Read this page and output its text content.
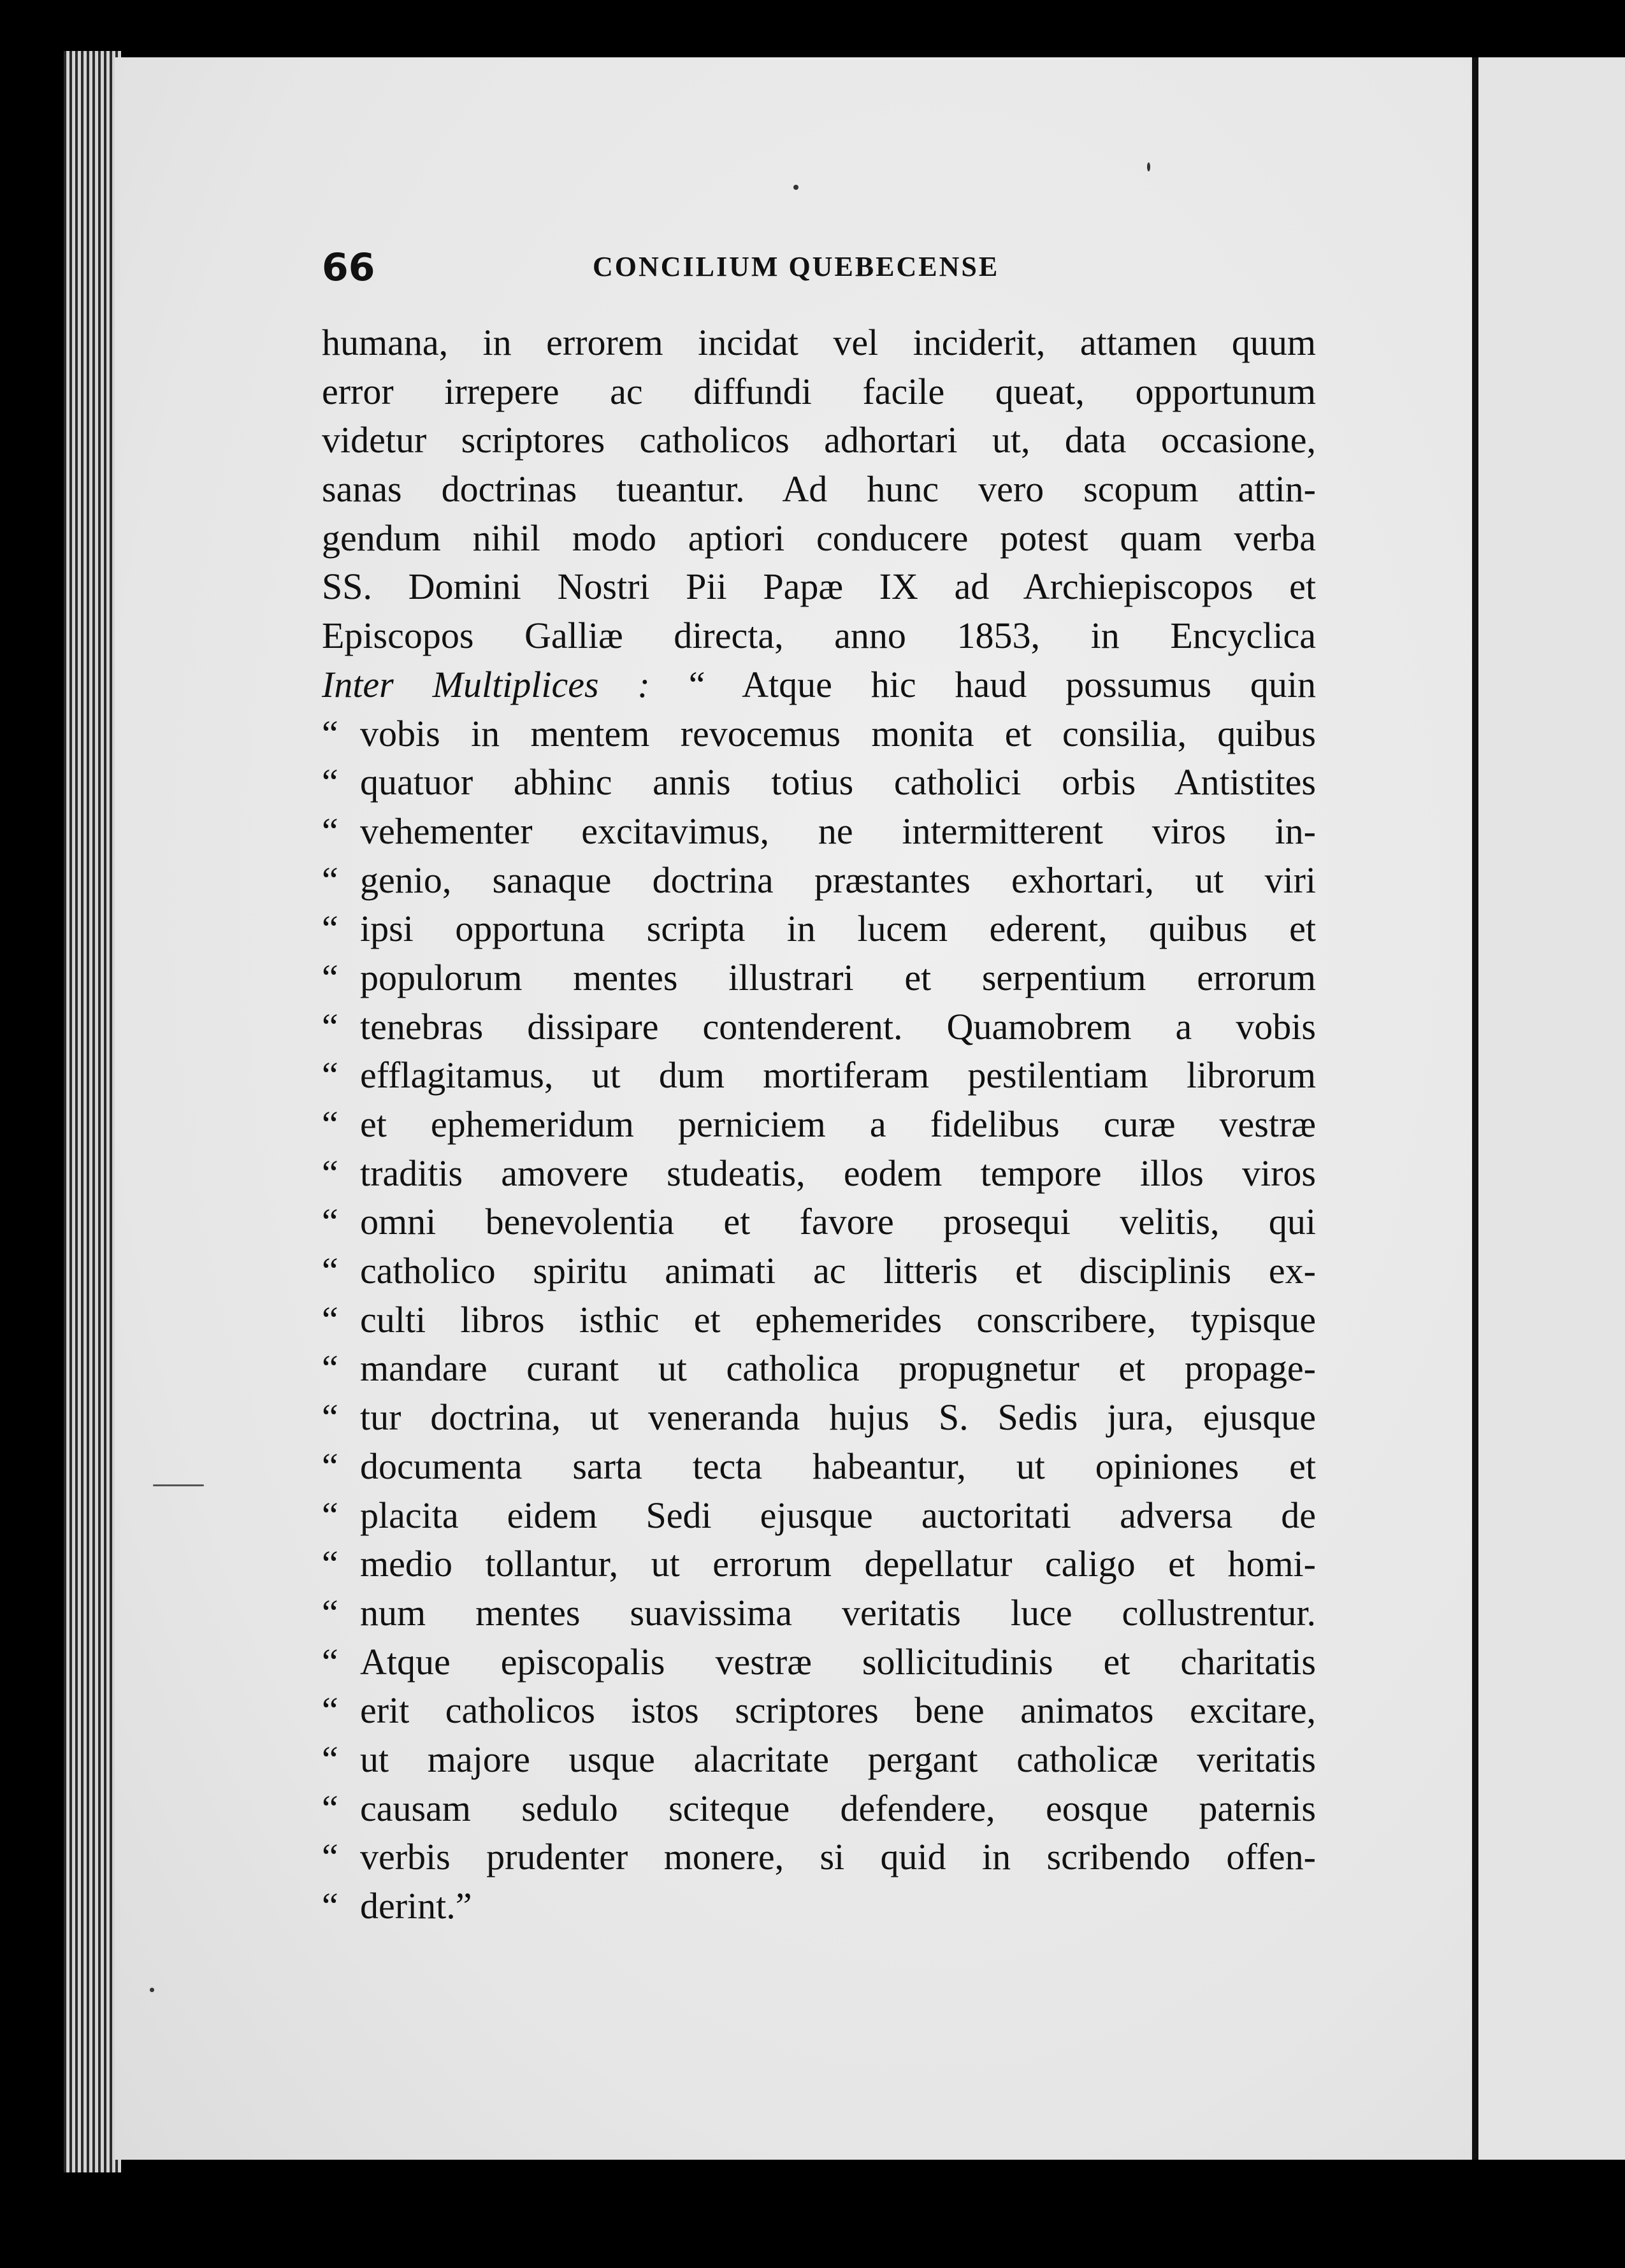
66	CONCILIUM QUEBECENSE
humana, in errorem incidat vel inciderit, attamen quum
error irrepere ac diffundi facile queat, opportunum
videtur scriptores catholicos adhortari ut, data occasione,
sanas doctrinas tueantur. Ad hunc vero scopum attin-
gendum nihil modo aptiori conducere potest quam verba
SS. Domini Nostri Pii Papæ IX ad Archiepiscopos et
Episcopos Galliæ directa, anno 1853, in Encyclica
Inter Multiplices : “ Atque hic haud possumus quin
“ vobis in mentem revocemus monita et consilia, quibus
“ quatuor abhinc annis totius catholici orbis Antistites
“ vehementer excitavimus, ne intermitterent viros in-
“ genio, sanaque doctrina præstantes exhortari, ut viri
“ ipsi opportuna scripta in lucem ederent, quibus et
“ populorum mentes illustrari et serpentium errorum
“ tenebras dissipare contenderent. Quamobrem a vobis
“ efflagitamus, ut dum mortiferam pestilentiam librorum
“ et ephemeridum perniciem a fidelibus curæ vestræ
“ traditis amovere studeatis, eodem tempore illos viros
“ omni benevolentia et favore prosequi velitis, qui
“ catholico spiritu animati ac litteris et disciplinis ex-
“ culti libros isthic et ephemerides conscribere, typisque
“ mandare curant ut catholica propugnetur et propage-
“ tur doctrina, ut veneranda hujus S. Sedis jura, ejusque
“ documenta sarta tecta habeantur, ut opiniones et
“ placita eidem Sedi ejusque auctoritati adversa de
“ medio tollantur, ut errorum depellatur caligo et homi-
“ num mentes suavissima veritatis luce collustrentur.
“ Atque episcopalis vestræ sollicitudinis et charitatis
“ erit catholicos istos scriptores bene animatos excitare,
“ ut majore usque alacritate pergant catholicæ veritatis
“ causam sedulo sciteque defendere, eosque paternis
“ verbis prudenter monere, si quid in scribendo offen-
“ derint.”
